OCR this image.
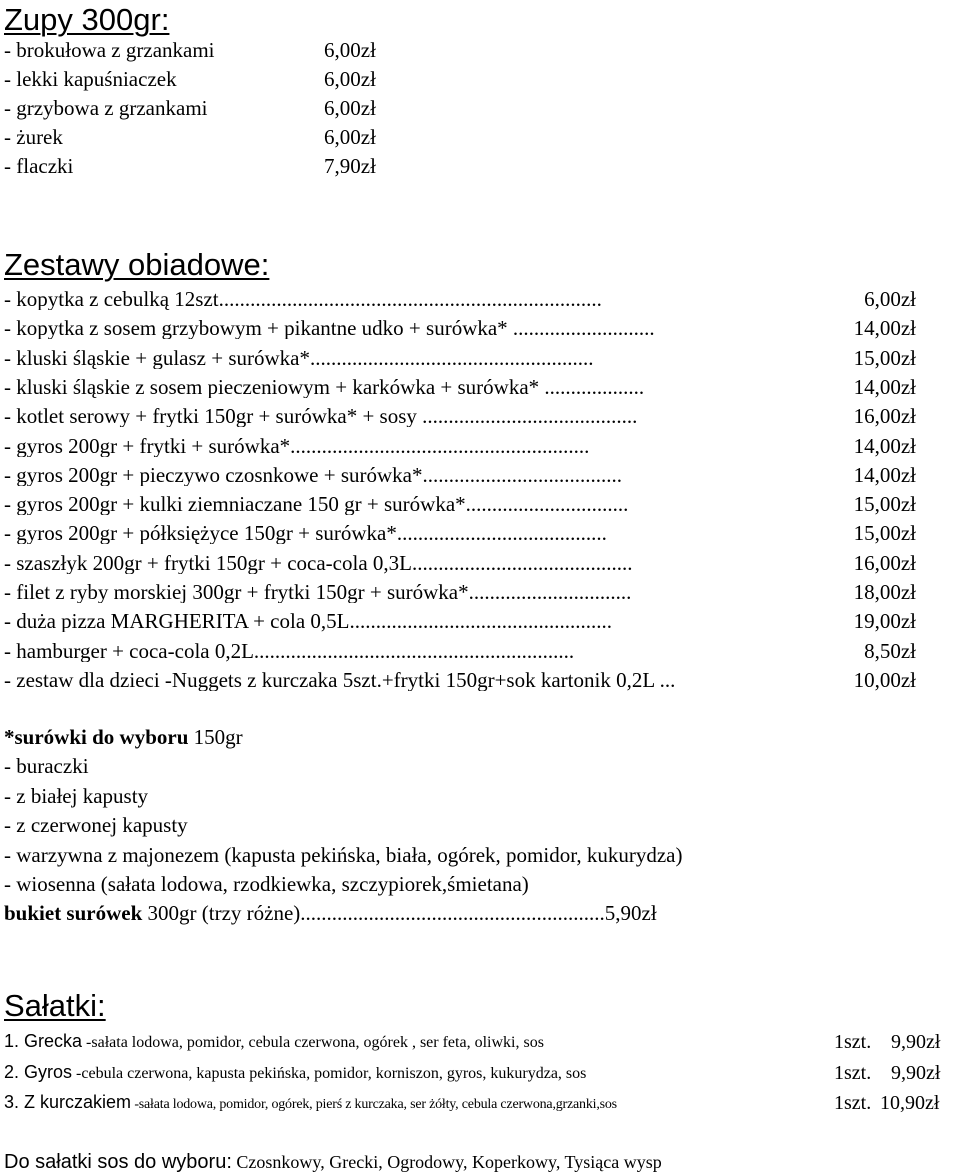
Zupy 300gr:
- brokułowa z grzankami	6,00zł
- lekki kapuśniaczek	6,00zł
- grzybowa z grzankami	6,00zł
- żurek	6,00zł
- flaczki	7,90zł
Zestawy obiadowe:
- kopytka z cebulką 12szt.........................................................................	6,00zł
- kopytka z sosem grzybowym + pikantne udko + surówka* ...........................	14,00zł
- kluski śląskie + gulasz + surówka*......................................................	15,00zł
- kluski śląskie z sosem pieczeniowym + karkówka + surówka* ...................	14,00zł
- kotlet serowy + frytki 150gr + surówka* + sosy .........................................	16,00zł
- gyros 200gr + frytki + surówka*.........................................................	14,00zł
- gyros 200gr + pieczywo czosnkowe + surówka*......................................	14,00zł
- gyros 200gr + kulki ziemniaczane 150 gr + surówka*...............................	15,00zł
- gyros 200gr + półksiężyce 150gr + surówka*........................................	15,00zł
- szaszłyk 200gr + frytki 150gr + coca-cola 0,3L..........................................	16,00zł
- filet z ryby morskiej 300gr + frytki 150gr + surówka*...............................	18,00zł
- duża pizza MARGHERITA + cola 0,5L..................................................	19,00zł
- hamburger + coca-cola 0,2L.............................................................	8,50zł
- zestaw dla dzieci -Nuggets z kurczaka 5szt.+frytki 150gr+sok kartonik 0,2L ...	10,00zł
*surówki do wyboru 150gr
- buraczki
- z białej kapusty
- z czerwonej kapusty
- warzywna z majonezem (kapusta pekińska, biała, ogórek, pomidor, kukurydza)
- wiosenna (sałata lodowa, rzodkiewka, szczypiorek,śmietana)
bukiet surówek 300gr (trzy różne)..........................................................5,90zł
Sałatki:
1. Grecka -sałata lodowa, pomidor, cebula czerwona, ogórek , ser feta, oliwki, sos	1szt. 9,90zł
2. Gyros -cebula czerwona, kapusta pekińska, pomidor, korniszon, gyros, kukurydza, sos	1szt. 9,90zł
3. Z kurczakiem -sałata lodowa, pomidor, ogórek, pierś z kurczaka, ser żółty, cebula czerwona,grzanki,sos	1szt. 10,90zł
Do sałatki sos do wyboru: Czosnkowy, Grecki, Ogrodowy, Koperkowy, Tysiąca wysp
